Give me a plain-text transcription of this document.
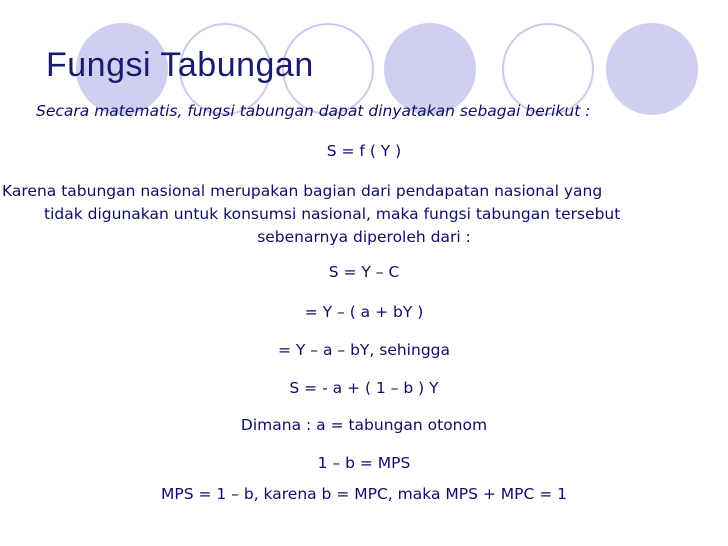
Fungsi Tabungan

Secara matematis, fungsi tabungan dapat dinyatakan sebagai berikut :

S = f ( Y )

Karena tabungan nasional merupakan bagian dari pendapatan nasional yang
tidak digunakan untuk konsumsi nasional, maka fungsi tabungan tersebut
sebenarnya diperoleh dari :

S = Y – C

= Y – ( a + bY )

= Y – a – bY, sehingga

S = - a + ( 1 – b ) Y

Dimana : a = tabungan otonom

1 – b = MPS

MPS = 1 – b, karena b = MPC, maka MPS + MPC = 1
